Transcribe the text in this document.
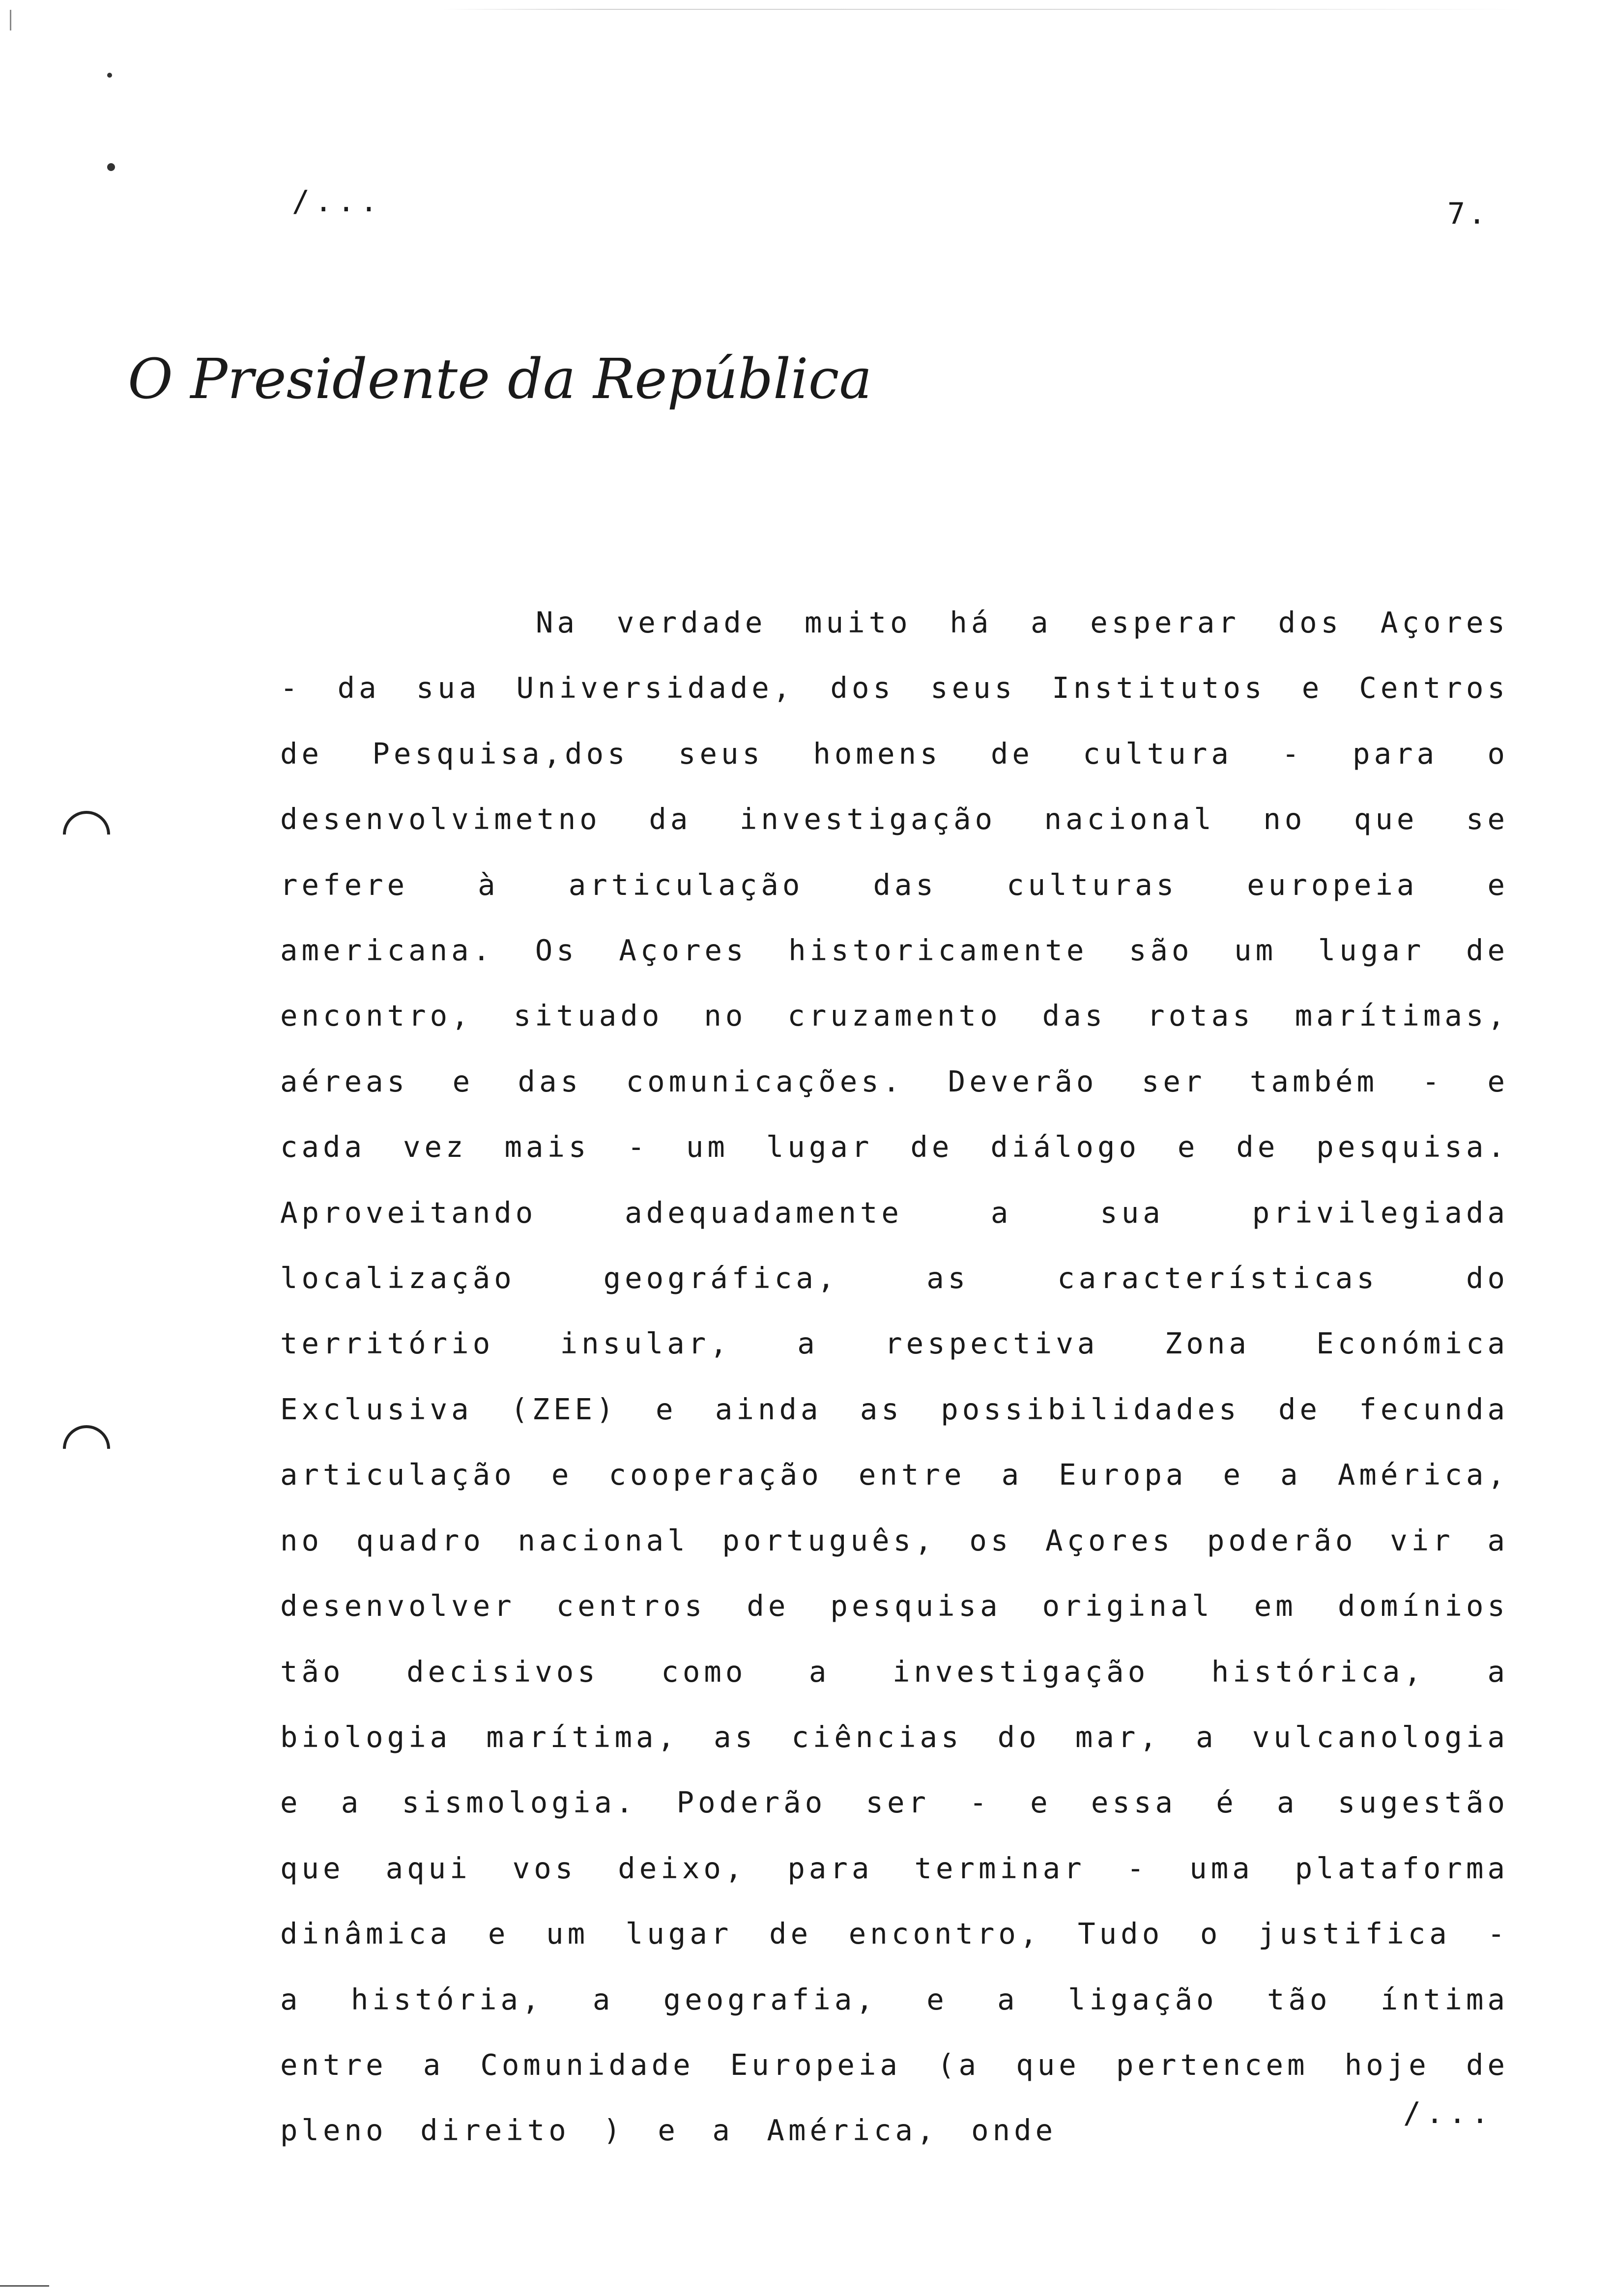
/...	7.
O Presidente da República

Na verdade muito há a esperar dos Açores - da sua Universidade, dos seus Institutos e Centros de Pesquisa,dos seus homens de cultura - para o desenvolvimetno da investigação nacional no que se refere à articulação das culturas europeia e americana. Os Açores historicamente são um lugar de encontro, situado no cruzamento das rotas marítimas, aéreas e das comunicações. Deverão ser também - e cada vez mais - um lugar de diálogo e de pesquisa. Aproveitando adequadamente a sua privilegiada localização geográfica, as características do território insular, a respectiva Zona Económica Exclusiva (ZEE) e ainda as possibilidades de fecunda articulação e cooperação entre a Europa e a América, no quadro nacional português, os Açores poderão vir a desenvolver centros de pesquisa original em domínios tão decisivos como a investigação histórica, a biologia marítima, as ciências do mar, a vulcanologia e a sismologia. Poderão ser - e essa é a sugestão que aqui vos deixo, para terminar - uma plataforma dinâmica e um lugar de encontro, Tudo o justifica - a história, a geografia, e a ligação tão íntima entre a Comunidade Europeia (a que pertencem hoje de pleno direito ) e a América, onde	/...
